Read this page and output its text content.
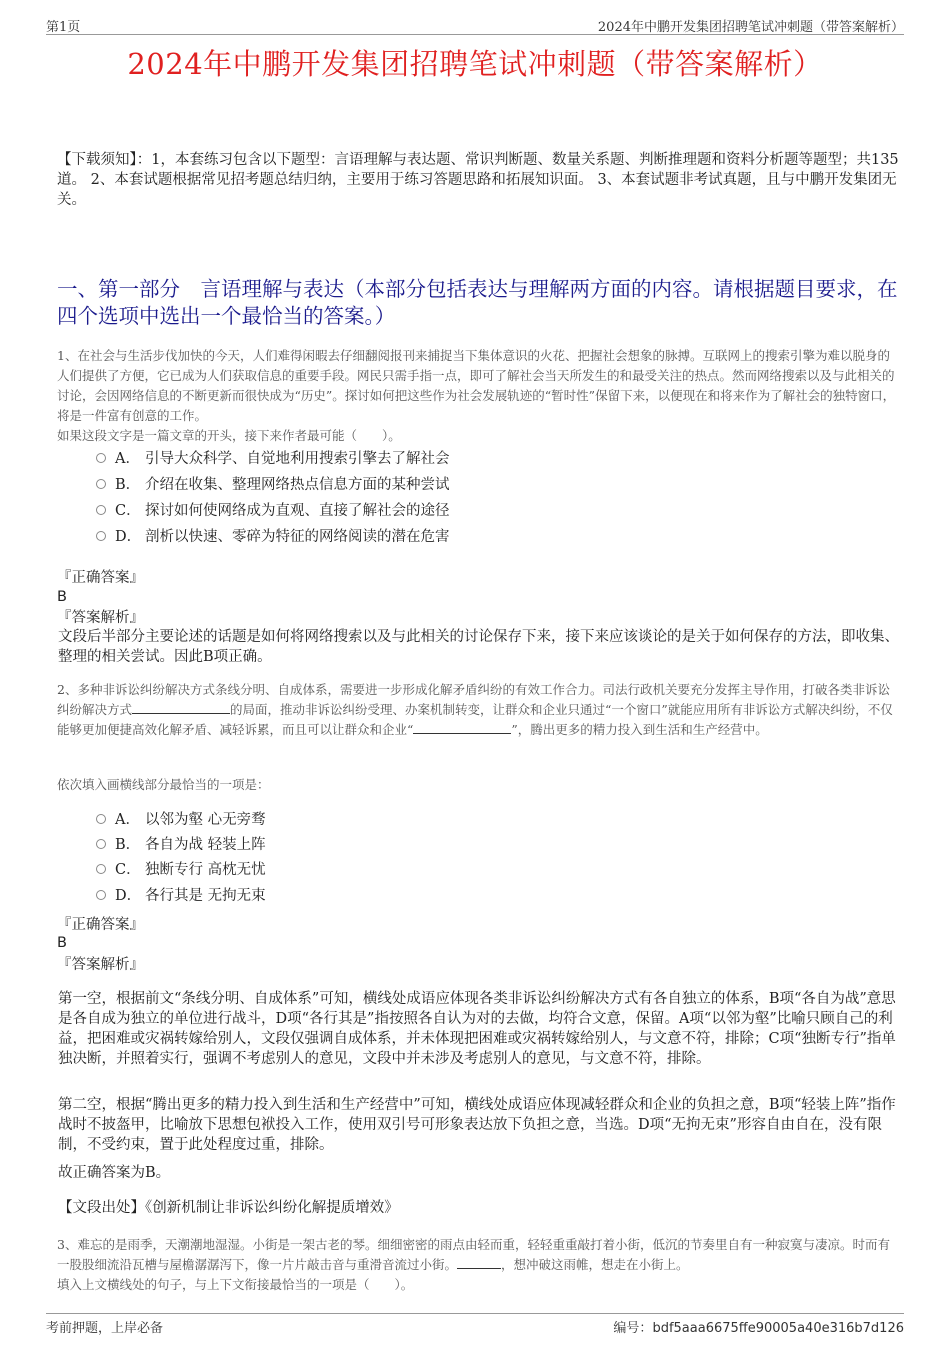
第1页	2024年中鹏开发集团招聘笔试冲刺题（带答案解析）
2024年中鹏开发集团招聘笔试冲刺题（带答案解析）
【下载须知】：1，本套练习包含以下题型：言语理解与表达题、常识判断题、数量关系题、判断推理题和资料分析题等题型；共135道。 2、本套试题根据常见招考题总结归纳，主要用于练习答题思路和拓展知识面。 3、本套试题非考试真题，且与中鹏开发集团无关。
一、第一部分　言语理解与表达（本部分包括表达与理解两方面的内容。请根据题目要求，在四个选项中选出一个最恰当的答案。）
1、在社会与生活步伐加快的今天，人们难得闲暇去仔细翻阅报刊来捕捉当下集体意识的火花、把握社会想象的脉搏。互联网上的搜索引擎为难以脱身的人们提供了方便，它已成为人们获取信息的重要手段。网民只需手指一点，即可了解社会当天所发生的和最受关注的热点。然而网络搜索以及与此相关的讨论，会因网络信息的不断更新而很快成为“历史”。探讨如何把这些作为社会发展轨迹的“暂时性”保留下来，以便现在和将来作为了解社会的独特窗口，将是一件富有创意的工作。
如果这段文字是一篇文章的开头，接下来作者最可能（　　）。
A． 引导大众科学、自觉地利用搜索引擎去了解社会
B． 介绍在收集、整理网络热点信息方面的某种尝试
C． 探讨如何使网络成为直观、直接了解社会的途径
D． 剖析以快速、零碎为特征的网络阅读的潜在危害
『正确答案』
B
『答案解析』
文段后半部分主要论述的话题是如何将网络搜索以及与此相关的讨论保存下来，接下来应该谈论的是关于如何保存的方法，即收集、整理的相关尝试。因此B项正确。
2、多种非诉讼纠纷解决方式条线分明、自成体系，需要进一步形成化解矛盾纠纷的有效工作合力。司法行政机关要充分发挥主导作用，打破各类非诉讼纠纷解决方式	的局面，推动非诉讼纠纷受理、办案机制转变，让群众和企业只通过“一个窗口”就能应用所有非诉讼方式解决纠纷，不仅能够更加便捷高效化解矛盾、减轻诉累，而且可以让群众和企业“	”，腾出更多的精力投入到生活和生产经营中。
依次填入画横线部分最恰当的一项是：
A． 以邻为壑 心无旁骛
B． 各自为战 轻装上阵
C． 独断专行 高枕无忧
D． 各行其是 无拘无束
『正确答案』
B
『答案解析』
第一空，根据前文“条线分明、自成体系”可知，横线处成语应体现各类非诉讼纠纷解决方式有各自独立的体系，B项“各自为战”意思是各自成为独立的单位进行战斗，D项“各行其是”指按照各自认为对的去做，均符合文意，保留。A项“以邻为壑”比喻只顾自己的利益，把困难或灾祸转嫁给别人，文段仅强调自成体系，并未体现把困难或灾祸转嫁给别人，与文意不符，排除；C项“独断专行”指单独决断，并照着实行，强调不考虑别人的意见，文段中并未涉及考虑别人的意见，与文意不符，排除。
第二空，根据“腾出更多的精力投入到生活和生产经营中”可知，横线处成语应体现减轻群众和企业的负担之意，B项“轻装上阵”指作战时不披盔甲，比喻放下思想包袱投入工作，使用双引号可形象表达放下负担之意，当选。D项“无拘无束”形容自由自在，没有限制，不受约束，置于此处程度过重，排除。
故正确答案为B。
【文段出处】《创新机制让非诉讼纠纷化解提质增效》
3、难忘的是雨季，天潮潮地湿湿。小街是一架古老的琴。细细密密的雨点由轻而重，轻轻重重敲打着小街，低沉的节奏里自有一种寂寞与凄凉。时而有一股股细流沿瓦槽与屋檐潺潺泻下，像一片片敲击音与重滑音流过小街。	，想冲破这雨帷，想走在小街上。
填入上文横线处的句子，与上下文衔接最恰当的一项是（　　）。
考前押题，上岸必备	编号：bdf5aaa6675ffe90005a40e316b7d126
